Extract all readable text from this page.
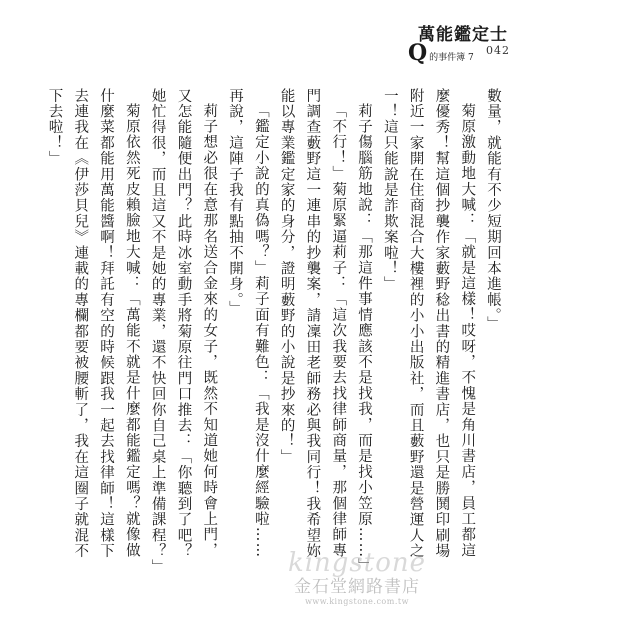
萬能鑑定士
Q 的事件簿 7
042

數量，就能有不少短期回本進帳。」

菊原激動地大喊：「就是這樣！哎呀，不愧是角川書店，員工都這麼優秀！幫這個抄襲作家藪野稔出書的精進書店，也只是勝鬨印刷場附近一家開在住商混合大樓裡的小小出版社，而且藪野還是營運人之一！這只能說是詐欺案啦！」

莉子傷腦筋地說：「那這件事情應該不是找我，而是找小笠原……」

「不行！」菊原緊逼莉子：「這次我要去找律師商量，那個律師專門調查藪野這一連串的抄襲案，請凜田老師務必與我同行！我希望妳能以專業鑑定家的身分，證明藪野的小說是抄來的！」

「鑑定小說的真偽嗎？」莉子面有難色：「我是沒什麼經驗啦……再說，這陣子我有點抽不開身。」

莉子想必很在意那名送合金來的女子，既然不知道她何時會上門，又怎能隨便出門？此時冰室動手將菊原往門口推去：「你聽到了吧？她忙得很，而且這又不是她的專業，還不快回你自己桌上準備課程？」

菊原依然死皮賴臉地大喊：「萬能不就是什麼都能鑑定嗎？就像做什麼菜都能用萬能醬啊！拜託有空的時候跟我一起去找律師！這樣下去連我在《伊莎貝兒》連載的專欄都要被腰斬了，我在這圈子就混不下去啦！」

kingstone
金石堂網路書店
www.kingstone.com.tw
